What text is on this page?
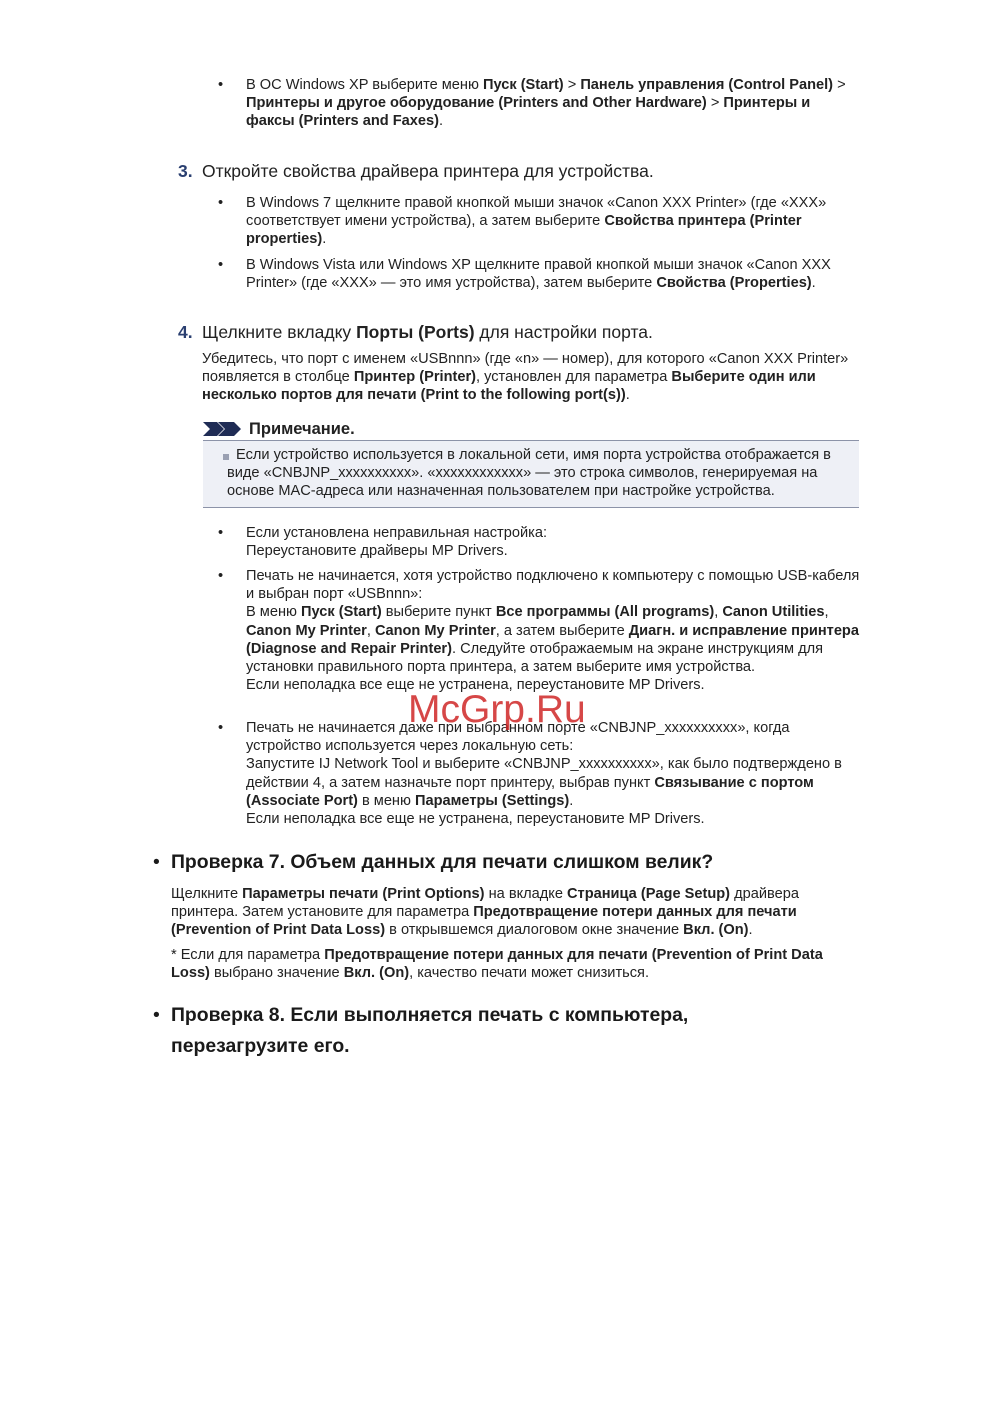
• В ОС Windows XP выберите меню Пуск (Start) > Панель управления (Control Panel) > Принтеры и другое оборудование (Printers and Other Hardware) > Принтеры и факсы (Printers and Faxes).
3. Откройте свойства драйвера принтера для устройства.
• В Windows 7 щелкните правой кнопкой мыши значок «Canon XXX Printer» (где «XXX» соответствует имени устройства), а затем выберите Свойства принтера (Printer properties).
• В Windows Vista или Windows XP щелкните правой кнопкой мыши значок «Canon XXX Printer» (где «XXX» — это имя устройства), затем выберите Свойства (Properties).
4. Щелкните вкладку Порты (Ports) для настройки порта.
Убедитесь, что порт с именем «USBnnn» (где «n» — номер), для которого «Canon XXX Printer» появляется в столбце Принтер (Printer), установлен для параметра Выберите один или несколько портов для печати (Print to the following port(s)).
Примечание.
Если устройство используется в локальной сети, имя порта устройства отображается в виде «CNBJNP_xxxxxxxxxx». «xxxxxxxxxxxx» — это строка символов, генерируемая на основе MAC-адреса или назначенная пользователем при настройке устройства.
• Если установлена неправильная настройка:
Переустановите драйверы MP Drivers.
• Печать не начинается, хотя устройство подключено к компьютеру с помощью USB-кабеля и выбран порт «USBnnn»:
В меню Пуск (Start) выберите пункт Все программы (All programs), Canon Utilities, Canon My Printer, Canon My Printer, а затем выберите Диагн. и исправление принтера (Diagnose and Repair Printer). Следуйте отображаемым на экране инструкциям для установки правильного порта принтера, а затем выберите имя устройства.
Если неполадка все еще не устранена, переустановите MP Drivers.
• Печать не начинается даже при выбранном порте «CNBJNP_xxxxxxxxxx», когда устройство используется через локальную сеть:
Запустите IJ Network Tool и выберите «CNBJNP_xxxxxxxxxx», как было подтверждено в действии 4, а затем назначьте порт принтеру, выбрав пункт Связывание с портом (Associate Port) в меню Параметры (Settings).
Если неполадка все еще не устранена, переустановите MP Drivers.
• Проверка 7. Объем данных для печати слишком велик?
Щелкните Параметры печати (Print Options) на вкладке Страница (Page Setup) драйвера принтера. Затем установите для параметра Предотвращение потери данных для печати (Prevention of Print Data Loss) в открывшемся диалоговом окне значение Вкл. (On).
* Если для параметра Предотвращение потери данных для печати (Prevention of Print Data Loss) выбрано значение Вкл. (On), качество печати может снизиться.
• Проверка 8. Если выполняется печать с компьютера,
перезагрузите его.
McGrp.Ru
